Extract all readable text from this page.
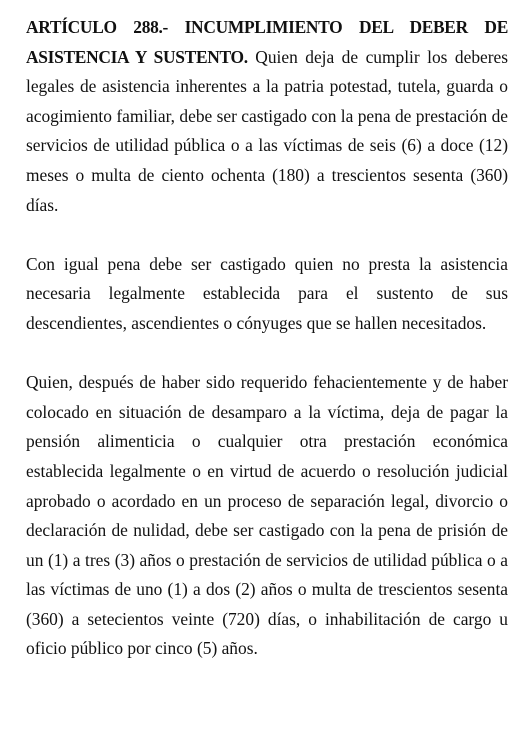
ARTÍCULO 288.- INCUMPLIMIENTO DEL DEBER DE ASISTENCIA Y SUSTENTO. Quien deja de cumplir los deberes legales de asistencia inherentes a la patria potestad, tutela, guarda o acogimiento familiar, debe ser castigado con la pena de prestación de servicios de utilidad pública o a las víctimas de seis (6) a doce (12) meses o multa de ciento ochenta (180) a trescientos sesenta (360) días.

Con igual pena debe ser castigado quien no presta la asistencia necesaria legalmente establecida para el sustento de sus descendientes, ascendientes o cónyuges que se hallen necesitados.

Quien, después de haber sido requerido fehacientemente y de haber colocado en situación de desamparo a la víctima, deja de pagar la pensión alimenticia o cualquier otra prestación económica establecida legalmente o en virtud de acuerdo o resolución judicial aprobado o acordado en un proceso de separación legal, divorcio o declaración de nulidad, debe ser castigado con la pena de prisión de un (1) a tres (3) años o prestación de servicios de utilidad pública o a las víctimas de uno (1) a dos (2) años o multa de trescientos sesenta (360) a setecientos veinte (720) días, o inhabilitación de cargo u oficio público por cinco (5) años.
